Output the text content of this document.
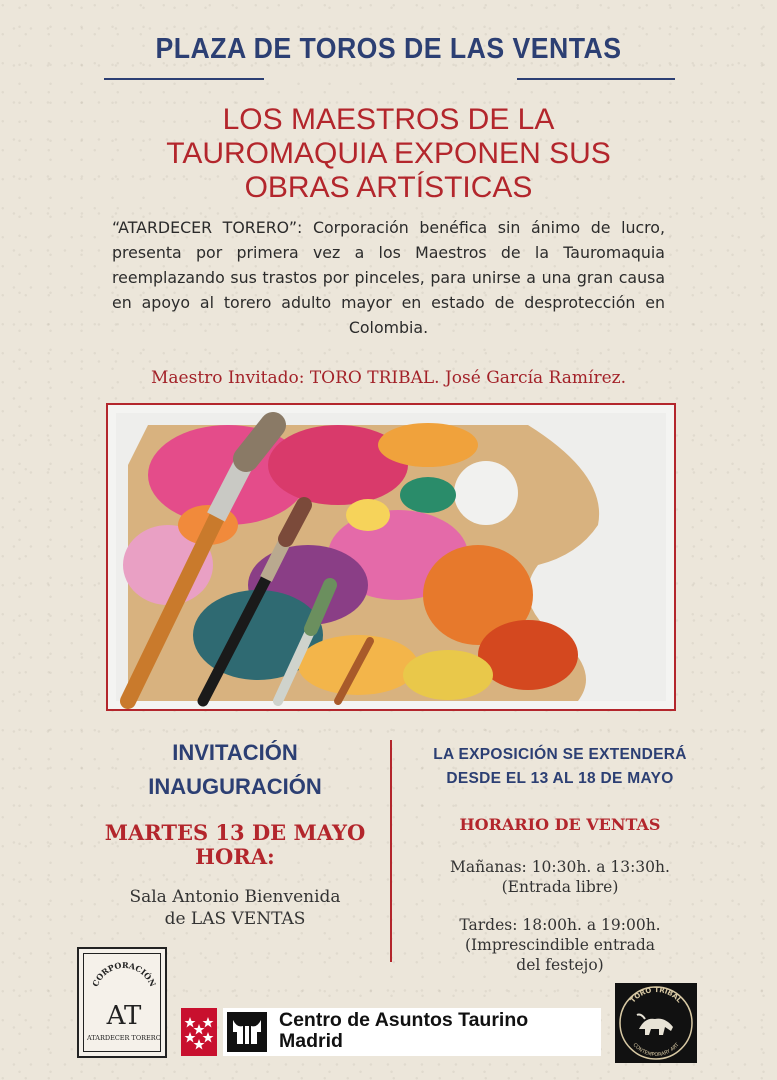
PLAZA DE TOROS DE LAS VENTAS
LOS MAESTROS DE LA
TAUROMAQUIA EXPONEN SUS
OBRAS ARTÍSTICAS
“ATARDECER TORERO”: Corporación benéfica sin ánimo de lucro, presenta por primera vez a los Maestros de la Tauromaquia reemplazando sus trastos por pinceles, para unirse a una gran causa en apoyo al torero adulto mayor en estado de desprotección en Colombia.
Maestro Invitado: TORO TRIBAL. José García Ramírez.
INVITACIÓN
INAUGURACIÓN
MARTES 13 DE MAYO
HORA:
Sala Antonio Bienvenida
de LAS VENTAS
LA EXPOSICIÓN SE EXTENDERÁ
DESDE EL 13 AL 18 DE MAYO
HORARIO DE VENTAS
Mañanas: 10:30h. a 13:30h.
(Entrada libre)
Tardes: 18:00h. a 19:00h.
(Imprescindible entrada
del festejo)
CORPORACIÓN
AT
ATARDECER TORERO
Centro de Asuntos Taurino
Madrid
TORO TRIBAL
CONTEMPORARY ART
